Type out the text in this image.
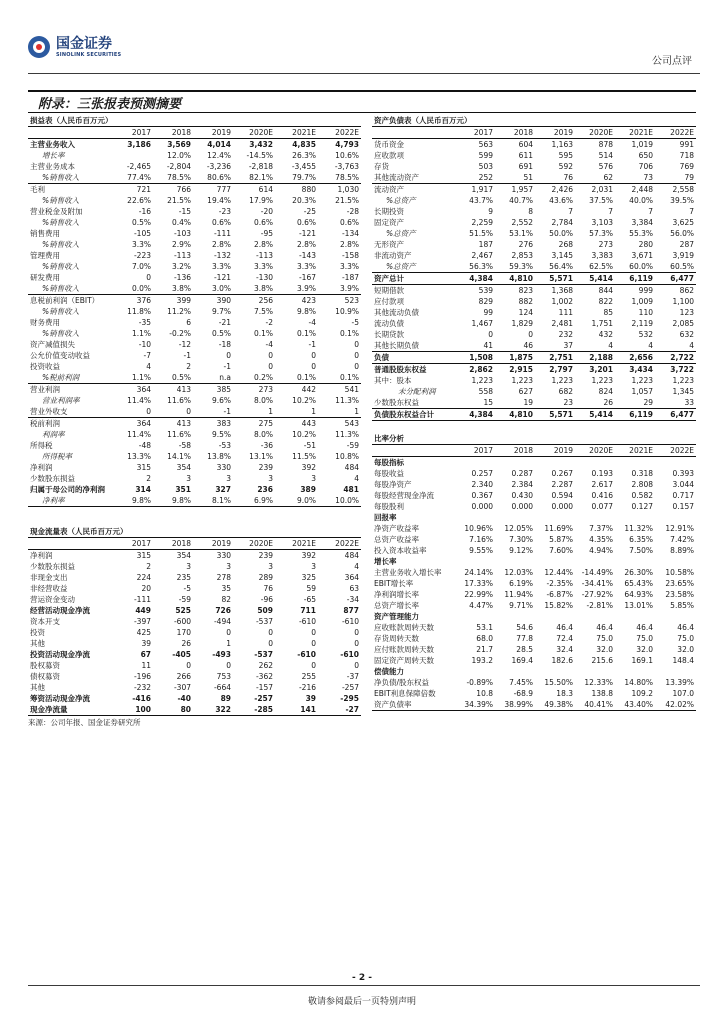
国金证券
SINOLINK SECURITIES
公司点评
附录：三张报表预测摘要
损益表（人民币百万元）
	2017	2018	2019	2020E	2021E	2022E
主营业务收入	3,186	3,569	4,014	3,432	4,835	4,793
增长率		12.0%	12.4%	-14.5%	26.3%	10.6%
主营业务成本	-2,465	-2,804	-3,236	-2,818	-3,455	-3,763
%销售收入	77.4%	78.5%	80.6%	82.1%	79.7%	78.5%
毛利	721	766	777	614	880	1,030
%销售收入	22.6%	21.5%	19.4%	17.9%	20.3%	21.5%
营业税金及附加	-16	-15	-23	-20	-25	-28
%销售收入	0.5%	0.4%	0.6%	0.6%	0.6%	0.6%
销售费用	-105	-103	-111	-95	-121	-134
%销售收入	3.3%	2.9%	2.8%	2.8%	2.8%	2.8%
管理费用	-223	-113	-132	-113	-143	-158
%销售收入	7.0%	3.2%	3.3%	3.3%	3.3%	3.3%
研发费用	0	-136	-121	-130	-167	-187
%销售收入	0.0%	3.8%	3.0%	3.8%	3.9%	3.9%
息税前利润（EBIT）	376	399	390	256	423	523
%销售收入	11.8%	11.2%	9.7%	7.5%	9.8%	10.9%
财务费用	-35	6	-21	-2	-4	-5
%销售收入	1.1%	-0.2%	0.5%	0.1%	0.1%	0.1%
资产减值损失	-10	-12	-18	-4	-1	0
公允价值变动收益	-7	-1	0	0	0	0
投资收益	4	2	-1	0	0	0
%税前利润	1.1%	0.5%	n.a	0.2%	0.1%	0.1%
营业利润	364	413	385	273	442	541
营业利润率	11.4%	11.6%	9.6%	8.0%	10.2%	11.3%
营业外收支	0	0	-1	1	1	1
税前利润	364	413	383	275	443	543
利润率	11.4%	11.6%	9.5%	8.0%	10.2%	11.3%
所得税	-48	-58	-53	-36	-51	-59
所得税率	13.3%	14.1%	13.8%	13.1%	11.5%	10.8%
净利润	315	354	330	239	392	484
少数股东损益	2	3	3	3	3	4
归属于母公司的净利润	314	351	327	236	389	481
净利率	9.8%	9.8%	8.1%	6.9%	9.0%	10.0%
现金流量表（人民币百万元）
	2017	2018	2019	2020E	2021E	2022E
净利润	315	354	330	239	392	484
少数股东损益	2	3	3	3	3	4
非现金支出	224	235	278	289	325	364
非经营收益	20	-5	35	76	59	63
营运资金变动	-111	-59	82	-96	-65	-34
经营活动现金净流	449	525	726	509	711	877
资本开支	-397	-600	-494	-537	-610	-610
投资	425	170	0	0	0	0
其他	39	26	1	0	0	0
投资活动现金净流	67	-405	-493	-537	-610	-610
股权募资	11	0	0	262	0	0
债权募资	-196	266	753	-362	255	-37
其他	-232	-307	-664	-157	-216	-257
筹资活动现金净流	-416	-40	89	-257	39	-295
现金净流量	100	80	322	-285	141	-27
资产负债表（人民币百万元）
	2017	2018	2019	2020E	2021E	2022E
货币资金	563	604	1,163	878	1,019	991
应收款项	599	611	595	514	650	718
存货	503	691	592	576	706	769
其他流动资产	252	51	76	62	73	79
流动资产	1,917	1,957	2,426	2,031	2,448	2,558
%总资产	43.7%	40.7%	43.6%	37.5%	40.0%	39.5%
长期投资	9	8	7	7	7	7
固定资产	2,259	2,552	2,784	3,103	3,384	3,625
%总资产	51.5%	53.1%	50.0%	57.3%	55.3%	56.0%
无形资产	187	276	268	273	280	287
非流动资产	2,467	2,853	3,145	3,383	3,671	3,919
%总资产	56.3%	59.3%	56.4%	62.5%	60.0%	60.5%
资产总计	4,384	4,810	5,571	5,414	6,119	6,477
短期借款	539	823	1,368	844	999	862
应付款项	829	882	1,002	822	1,009	1,100
其他流动负债	99	124	111	85	110	123
流动负债	1,467	1,829	2,481	1,751	2,119	2,085
长期贷款	0	0	232	432	532	632
其他长期负债	41	46	37	4	4	4
负债	1,508	1,875	2,751	2,188	2,656	2,722
普通股股东权益	2,862	2,915	2,797	3,201	3,434	3,722
其中：股本	1,223	1,223	1,223	1,223	1,223	1,223
未分配利润	558	627	682	824	1,057	1,345
少数股东权益	15	19	23	26	29	33
负债股东权益合计	4,384	4,810	5,571	5,414	6,119	6,477
比率分析
	2017	2018	2019	2020E	2021E	2022E
每股指标						
每股收益	0.257	0.287	0.267	0.193	0.318	0.393
每股净资产	2.340	2.384	2.287	2.617	2.808	3.044
每股经营现金净流	0.367	0.430	0.594	0.416	0.582	0.717
每股股利	0.000	0.000	0.000	0.077	0.127	0.157
回报率						
净资产收益率	10.96%	12.05%	11.69%	7.37%	11.32%	12.91%
总资产收益率	7.16%	7.30%	5.87%	4.35%	6.35%	7.42%
投入资本收益率	9.55%	9.12%	7.60%	4.94%	7.50%	8.89%
增长率						
主营业务收入增长率	24.14%	12.03%	12.44%	-14.49%	26.30%	10.58%
EBIT增长率	17.33%	6.19%	-2.35%	-34.41%	65.43%	23.65%
净利润增长率	22.99%	11.94%	-6.87%	-27.92%	64.93%	23.58%
总资产增长率	4.47%	9.71%	15.82%	-2.81%	13.01%	5.85%
资产管理能力						
应收账款周转天数	53.1	54.6	46.4	46.4	46.4	46.4
存货周转天数	68.0	77.8	72.4	75.0	75.0	75.0
应付账款周转天数	21.7	28.5	32.4	32.0	32.0	32.0
固定资产周转天数	193.2	169.4	182.6	215.6	169.1	148.4
偿债能力						
净负债/股东权益	-0.89%	7.45%	15.50%	12.33%	14.80%	13.39%
EBIT利息保障倍数	10.8	-68.9	18.3	138.8	109.2	107.0
资产负债率	34.39%	38.99%	49.38%	40.41%	43.40%	42.02%
来源：公司年报、国金证券研究所
- 2 -
敬请参阅最后一页特别声明
